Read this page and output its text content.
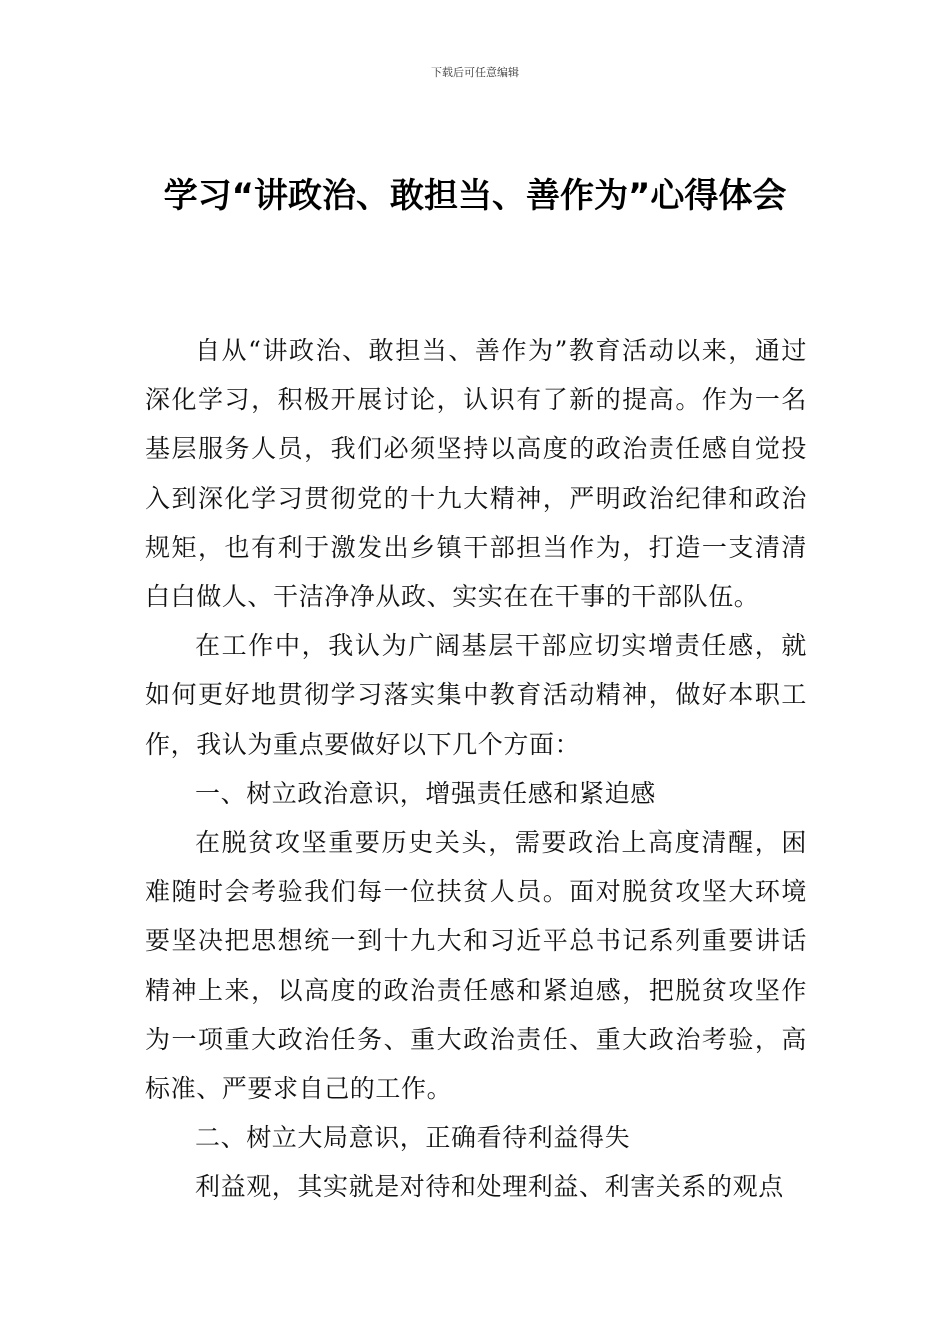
下载后可任意编辑
学习“讲政治、敢担当、善作为”心得体会

自从“讲政治、敢担当、善作为”教育活动以来，通过深化学习，积极开展讨论，认识有了新的提高。作为一名基层服务人员，我们必须坚持以高度的政治责任感自觉投入到深化学习贯彻党的十九大精神，严明政治纪律和政治规矩，也有利于激发出乡镇干部担当作为，打造一支清清白白做人、干洁净净从政、实实在在干事的干部队伍。

在工作中，我认为广阔基层干部应切实增责任感，就如何更好地贯彻学习落实集中教育活动精神，做好本职工作，我认为重点要做好以下几个方面：

一、树立政治意识，增强责任感和紧迫感

在脱贫攻坚重要历史关头，需要政治上高度清醒，困难随时会考验我们每一位扶贫人员。面对脱贫攻坚大环境要坚决把思想统一到十九大和习近平总书记系列重要讲话精神上来，以高度的政治责任感和紧迫感，把脱贫攻坚作为一项重大政治任务、重大政治责任、重大政治考验，高标准、严要求自己的工作。

二、树立大局意识，正确看待利益得失

利益观，其实就是对待和处理利益、利害关系的观点
